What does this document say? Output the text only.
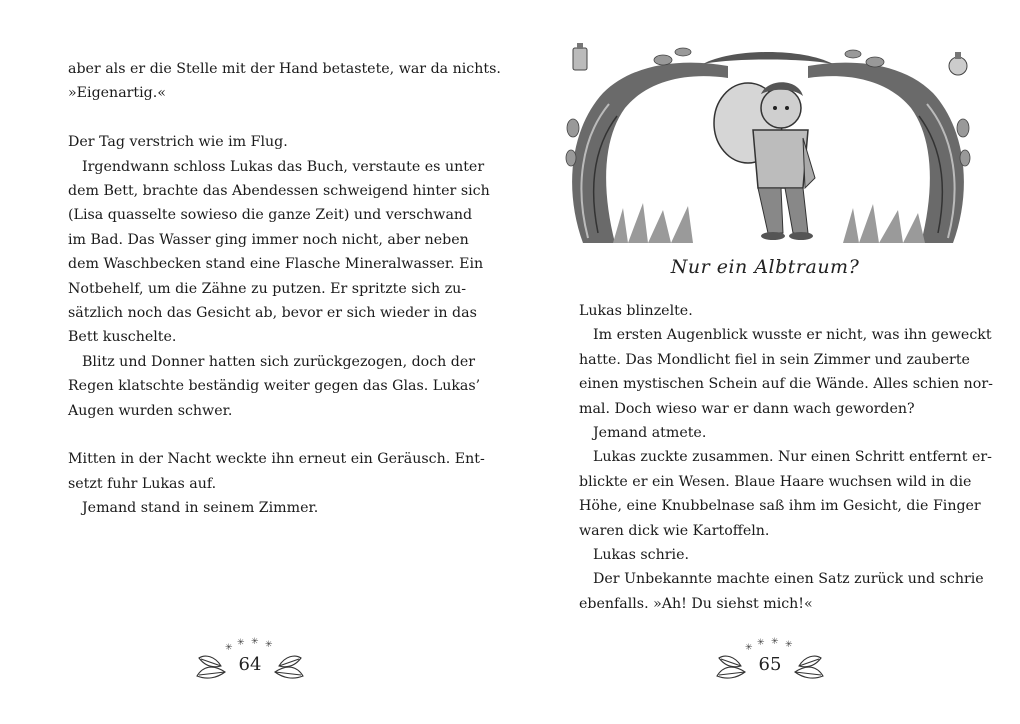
aber als er die Stelle mit der Hand betastete, war da nichts.

»Eigenartig.«

Der Tag verstrich wie im Flug.

Irgendwann schloss Lukas das Buch, verstaute es unter

dem Bett, brachte das Abendessen schweigend hinter sich

(Lisa quasselte sowieso die ganze Zeit) und verschwand

im Bad. Das Wasser ging immer noch nicht, aber neben

dem Waschbecken stand eine Flasche Mineralwasser. Ein

Notbehelf, um die Zähne zu putzen. Er spritzte sich zu-

sätzlich noch das Gesicht ab, bevor er sich wieder in das

Bett kuschelte.

Blitz und Donner hatten sich zurückgezogen, doch der

Regen klatschte beständig weiter gegen das Glas. Lukas’

Augen wurden schwer.

Mitten in der Nacht weckte ihn erneut ein Geräusch. Ent-

setzt fuhr Lukas auf.

Jemand stand in seinem Zimmer.

✳ ✳ ✳ ✳
64
Nur ein Albtraum?

Lukas blinzelte.

Im ersten Augenblick wusste er nicht, was ihn geweckt

hatte. Das Mondlicht fiel in sein Zimmer und zauberte

einen mystischen Schein auf die Wände. Alles schien nor-

mal. Doch wieso war er dann wach geworden?

Jemand atmete.

Lukas zuckte zusammen. Nur einen Schritt entfernt er-

blickte er ein Wesen. Blaue Haare wuchsen wild in die

Höhe, eine Knubbelnase saß ihm im Gesicht, die Finger

waren dick wie Kartoffeln.

Lukas schrie.

Der Unbekannte machte einen Satz zurück und schrie

ebenfalls. »Ah! Du siehst mich!«

✳ ✳ ✳ ✳
65
